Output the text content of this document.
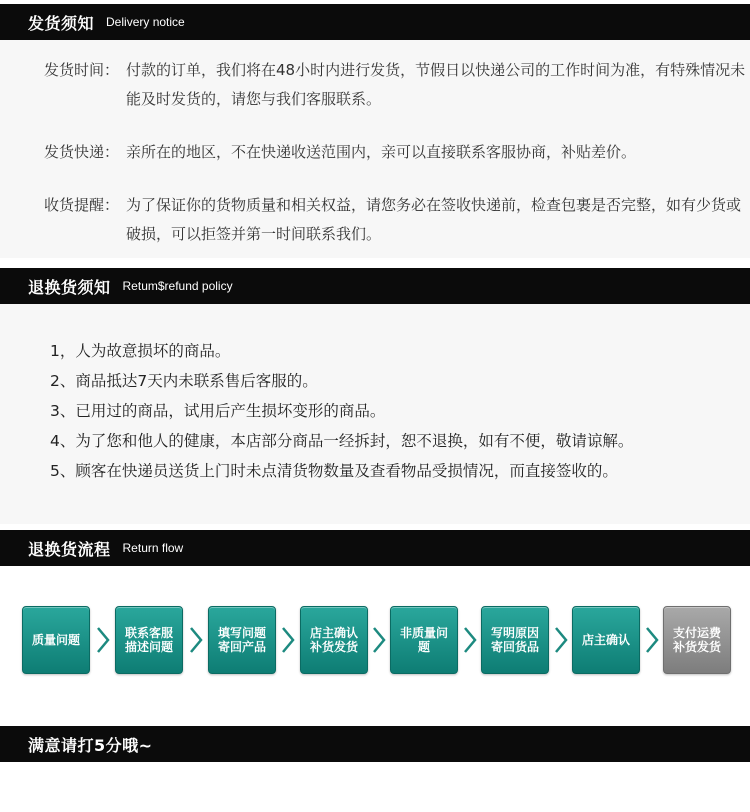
发货须知 Delivery notice
发货时间： 付款的订单，我们将在48小时内进行发货，节假日以快递公司的工作时间为准，有特殊情况未能及时发货的，请您与我们客服联系。
发货快递： 亲所在的地区，不在快递收送范围内，亲可以直接联系客服协商，补贴差价。
收货提醒： 为了保证你的货物质量和相关权益，请您务必在签收快递前，检查包裹是否完整，如有少货或破损，可以拒签并第一时间联系我们。
退换货须知 Retum$refund policy
1，人为故意损坏的商品。
2、商品抵达7天内未联系售后客服的。
3、已用过的商品，试用后产生损坏变形的商品。
4、为了您和他人的健康，本店部分商品一经拆封，恕不退换，如有不便，敬请谅解。
5、顾客在快递员送货上门时未点清货物数量及查看物品受损情况，而直接签收的。
退换货流程 Return flow
质量问题	联系客服描述问题
填写问题寄回产品
店主确认补货发货
非质量问题
写明原因寄回货品	店主确认	支付运费补货发货
满意请打5分哦~
